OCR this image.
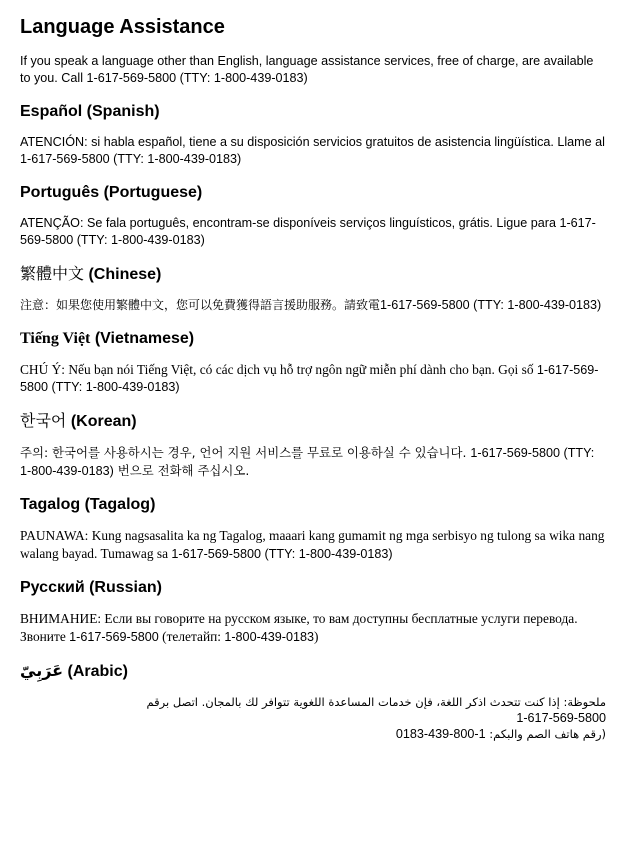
Language Assistance

If you speak a language other than English, language assistance services, free of charge, are available to you. Call 1-617-569-5800 (TTY: 1-800-439-0183)

Español (Spanish)

ATENCIÓN: si habla español, tiene a su disposición servicios gratuitos de asistencia lingüística. Llame al 1-617-569-5800 (TTY: 1-800-439-0183)

Português (Portuguese)

ATENÇÃO: Se fala português, encontram-se disponíveis serviços linguísticos, grátis. Ligue para 1-617-569-5800 (TTY: 1-800-439-0183)

繁體中文 (Chinese)

注意：如果您使用繁體中文，您可以免費獲得語言援助服務。請致電1-617-569-5800 (TTY: 1-800-439-0183)

Tiếng Việt (Vietnamese)

CHÚ Ý: Nếu bạn nói Tiếng Việt, có các dịch vụ hỗ trợ ngôn ngữ miễn phí dành cho bạn. Gọi số 1-617-569-5800 (TTY: 1-800-439-0183)

한국어 (Korean)

주의: 한국어를 사용하시는 경우, 언어 지원 서비스를 무료로 이용하실 수 있습니다. 1-617-569-5800 (TTY: 1-800-439-0183) 번으로 전화해 주십시오.

Tagalog (Tagalog)

PAUNAWA: Kung nagsasalita ka ng Tagalog, maaari kang gumamit ng mga serbisyo ng tulong sa wika nang walang bayad. Tumawag sa 1-617-569-5800 (TTY: 1-800-439-0183)

Русский (Russian)

ВНИМАНИЕ: Если вы говорите на русском языке, то вам доступны бесплатные услуги перевода. Звоните 1-617-569-5800 (телетайп: 1-800-439-0183)

عَرَبِيّ (Arabic)
ملحوظة: إذا كنت تتحدث اذكر اللغة، فإن خدمات المساعدة اللغوية تتوافر لك بالمجان. اتصل برقم
1-617-569-5800
(رقم هاتف الصم والبكم: 1-800-439-0183
